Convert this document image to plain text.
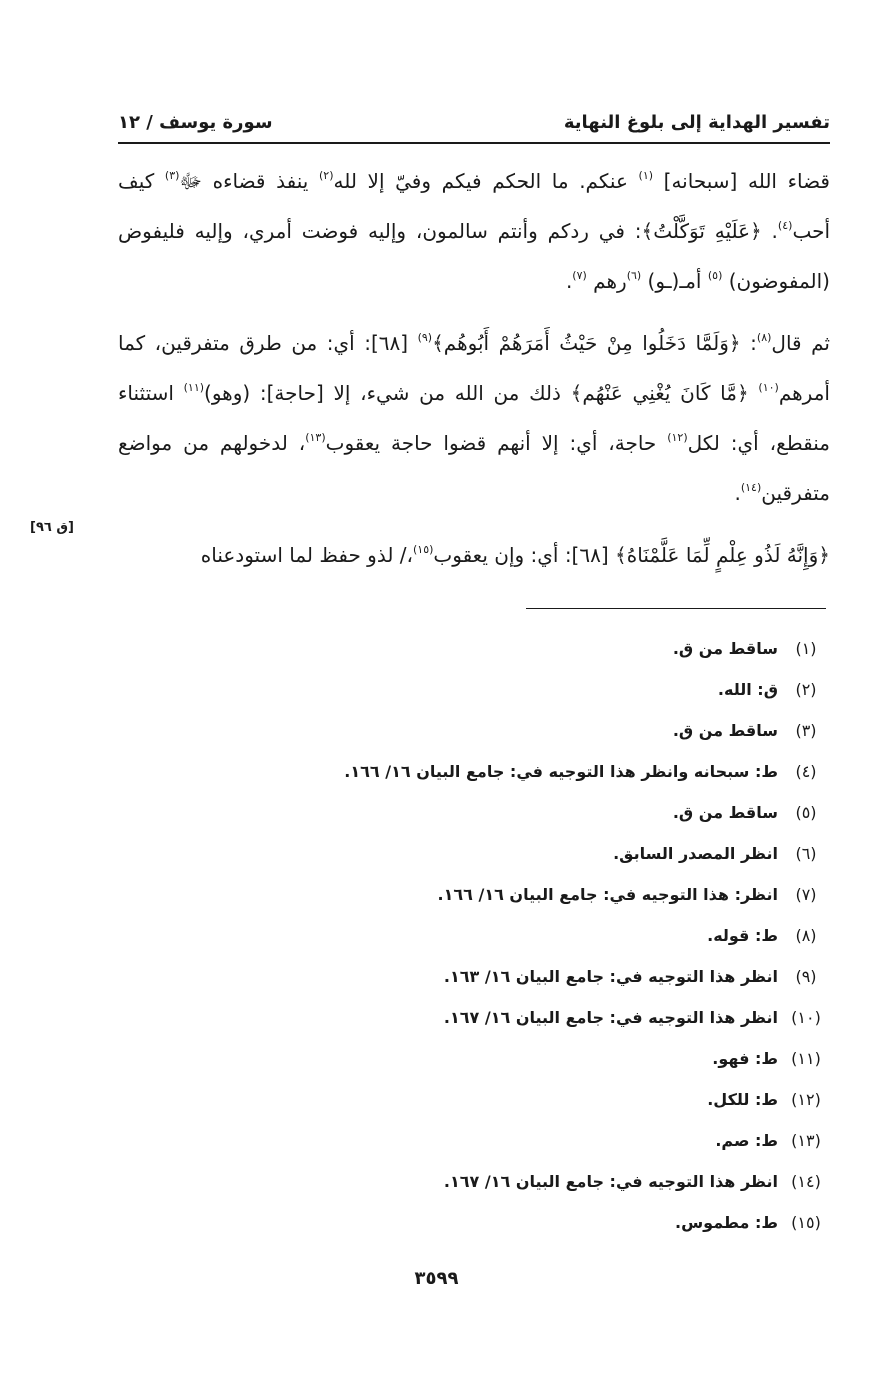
تفسير الهداية إلى بلوغ النهاية
سورة يوسف / ١٢

قضاء الله [سبحانه] $^{(١)}$ عنكم. ما الحكم فيكم وفيّ إلا لله$^{(٢)}$ ينفذ قضاءه ﷻ$^{(٣)}$ كيف أحب$^{(٤)}$. ﴿عَلَيْهِ تَوَكَّلْتُ﴾: في ردكم وأنتم سالمون، وإليه فوضت أمري، وإليه فليفوض (المفوضون) $^{(٥)}$ أمـ(ـو) $^{(٦)}$رهم $^{(٧)}$.

ثم قال$^{(٨)}$: ﴿وَلَمَّا دَخَلُوا مِنْ حَيْثُ أَمَرَهُمْ أَبُوهُم﴾$^{(٩)}$ [٦٨]: أي: من طرق متفرقين، كما أمرهم$^{(١٠)}$ ﴿مَّا كَانَ يُغْنِي عَنْهُم﴾ ذلك من الله من شيء، إلا [حاجة]: (وهو)$^{(١١)}$ استثناء منقطع، أي: لكل$^{(١٢)}$ حاجة، أي: إلا أنهم قضوا حاجة يعقوب$^{(١٣)}$، لدخولهم من مواضع متفرقين$^{(١٤)}$.

﴿وَإِنَّهُ لَذُو عِلْمٍ لِّمَا عَلَّمْنَاهُ﴾ [٦٨]: أي: وإن يعقوب$^{(١٥)}$،/ لذو حفظ لما استودعناه

[ق ٩٦]
(١)
ساقط من ق.
(٢)
ق: الله.
(٣)
ساقط من ق.
(٤)
ط: سبحانه وانظر هذا التوجيه في: جامع البيان ١٦/ ١٦٦.
(٥)
ساقط من ق.
(٦)
انظر المصدر السابق.
(٧)
انظر: هذا التوجيه في: جامع البيان ١٦/ ١٦٦.
(٨)
ط: قوله.
(٩)
انظر هذا التوجيه في: جامع البيان ١٦/ ١٦٣.
(١٠)
انظر هذا التوجيه في: جامع البيان ١٦/ ١٦٧.
(١١)
ط: فهو.
(١٢)
ط: للكل.
(١٣)
ط: صم.
(١٤)
انظر هذا التوجيه في: جامع البيان ١٦/ ١٦٧.
(١٥)
ط: مطموس.
٣٥٩٩
